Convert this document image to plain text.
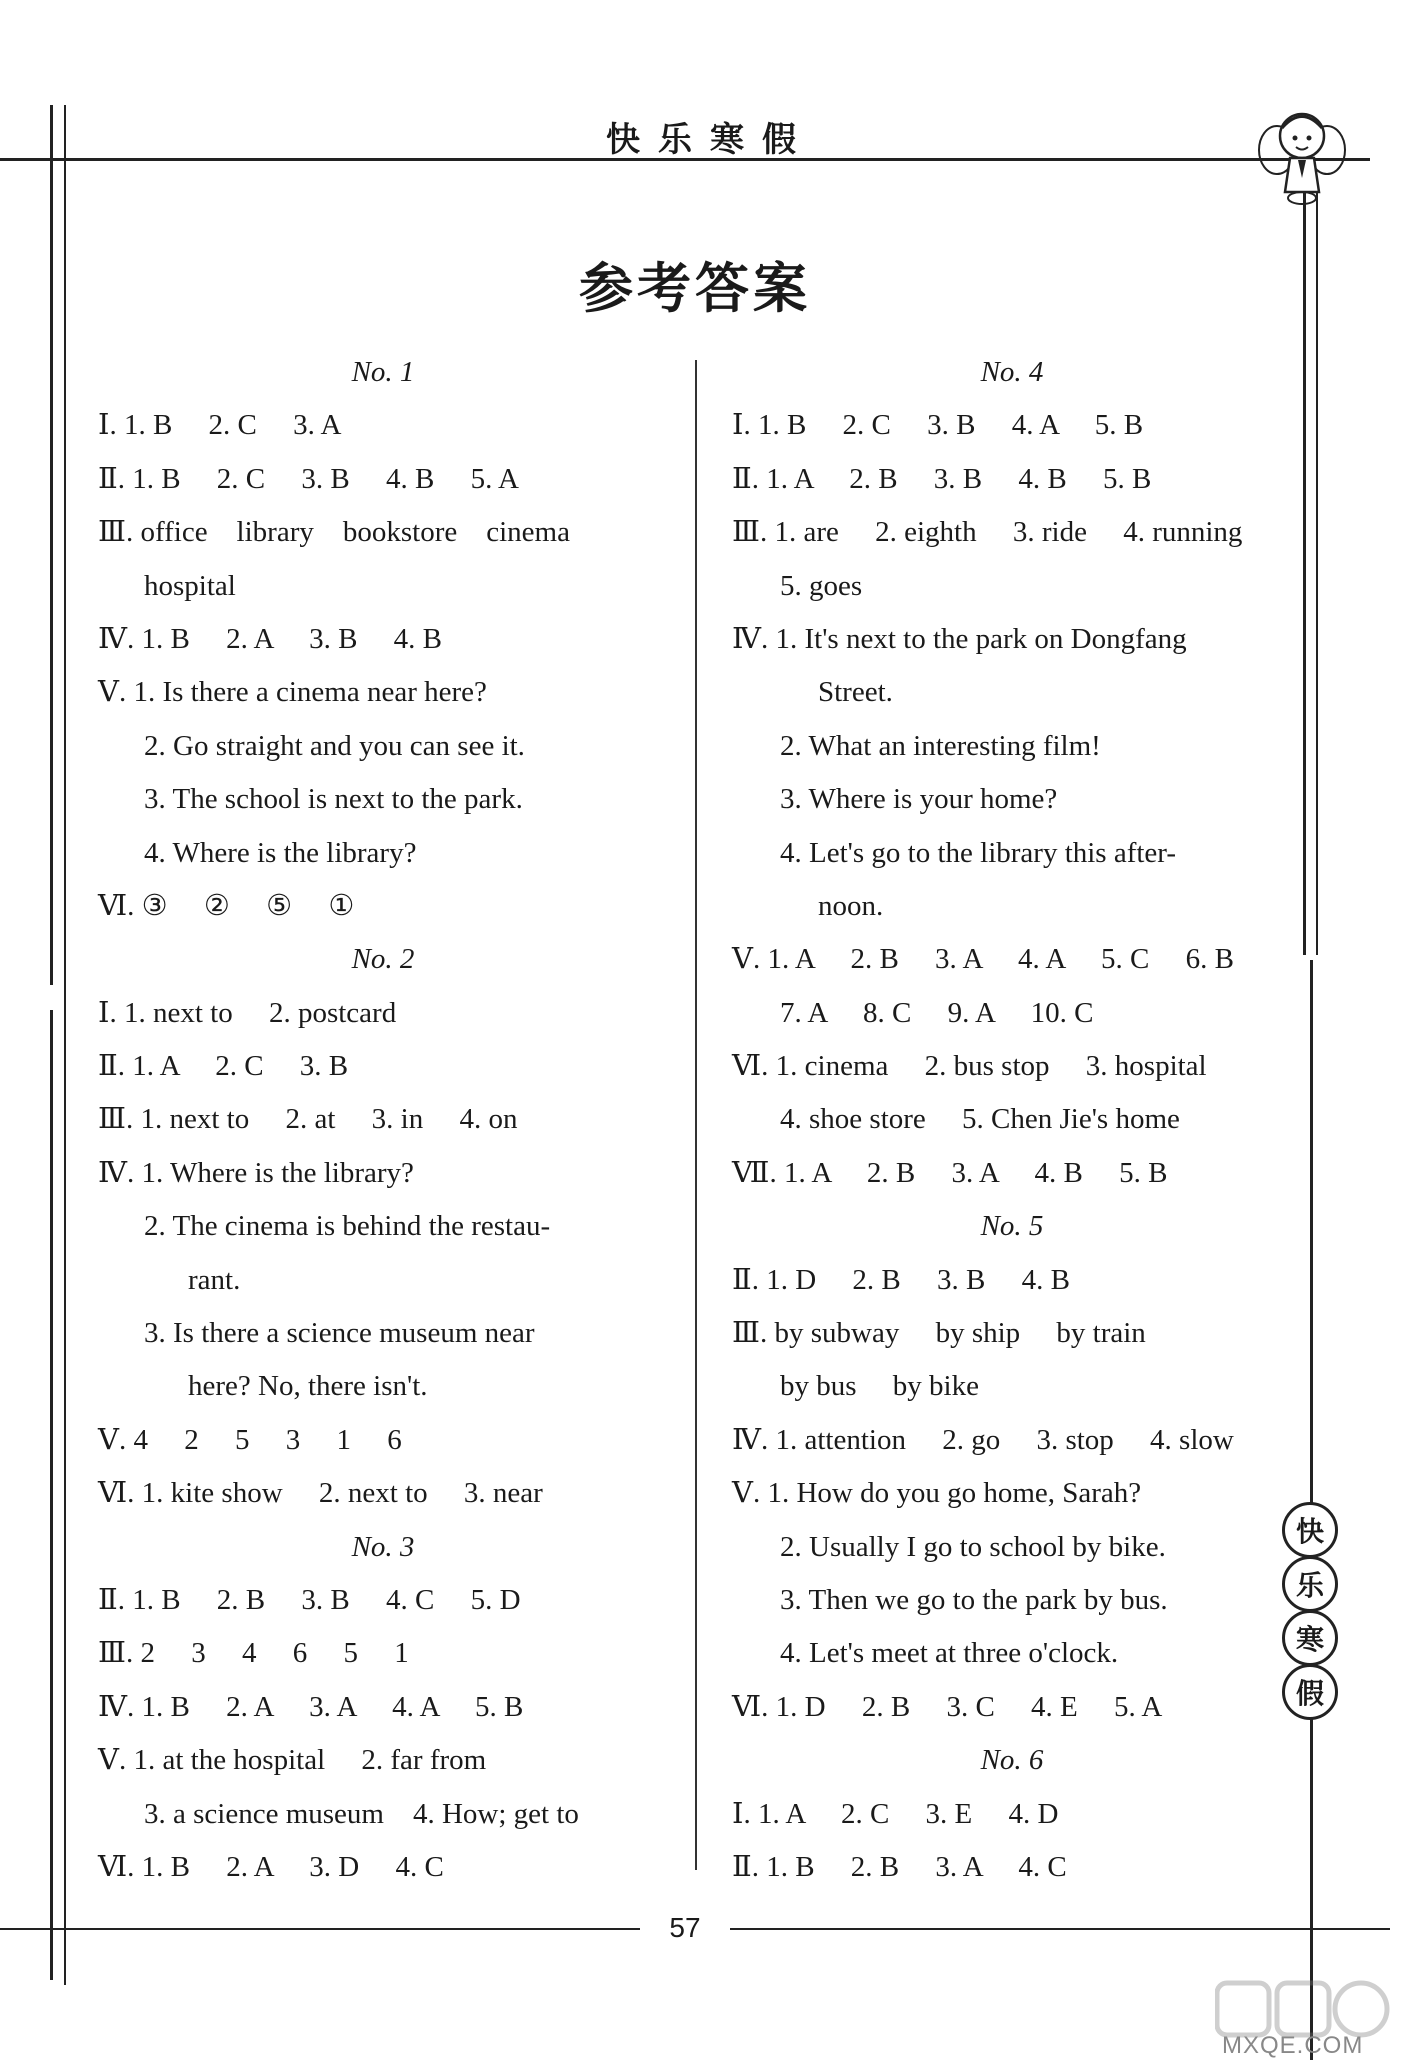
快乐寒假
参考答案
No. 1
Ⅰ. 1. B　 2. C　 3. A
Ⅱ. 1. B　 2. C　 3. B　 4. B　 5. A
Ⅲ. office　library　bookstore　cinema
hospital
Ⅳ. 1. B　 2. A　 3. B　 4. B
Ⅴ. 1. Is there a cinema near here?
2. Go straight and you can see it.
3. The school is next to the park.
4. Where is the library?
Ⅵ. ③　 ②　 ⑤　 ①
No. 2
Ⅰ. 1. next to　 2. postcard
Ⅱ. 1. A　 2. C　 3. B
Ⅲ. 1. next to　 2. at　 3. in　 4. on
Ⅳ. 1. Where is the library?
2. The cinema is behind the restau-
rant.
3. Is there a science museum near
here? No, there isn't.
Ⅴ. 4　 2　 5　 3　 1　 6
Ⅵ. 1. kite show　 2. next to　 3. near
No. 3
Ⅱ. 1. B　 2. B　 3. B　 4. C　 5. D
Ⅲ. 2　 3　 4　 6　 5　 1
Ⅳ. 1. B　 2. A　 3. A　 4. A　 5. B
Ⅴ. 1. at the hospital　 2. far from
3. a science museum　4. How; get to
Ⅵ. 1. B　 2. A　 3. D　 4. C
No. 4
Ⅰ. 1. B　 2. C　 3. B　 4. A　 5. B
Ⅱ. 1. A　 2. B　 3. B　 4. B　 5. B
Ⅲ. 1. are　 2. eighth　 3. ride　 4. running
5. goes
Ⅳ. 1. It's next to the park on Dongfang
Street.
2. What an interesting film!
3. Where is your home?
4. Let's go to the library this after-
noon.
Ⅴ. 1. A　 2. B　 3. A　 4. A　 5. C　 6. B
7. A　 8. C　 9. A　 10. C
Ⅵ. 1. cinema　 2. bus stop　 3. hospital
4. shoe store　 5. Chen Jie's home
Ⅶ. 1. A　 2. B　 3. A　 4. B　 5. B
No. 5
Ⅱ. 1. D　 2. B　 3. B　 4. B
Ⅲ. by subway　 by ship　 by train
by bus　 by bike
Ⅳ. 1. attention　 2. go　 3. stop　 4. slow
Ⅴ. 1. How do you go home, Sarah?
2. Usually I go to school by bike.
3. Then we go to the park by bus.
4. Let's meet at three o'clock.
Ⅵ. 1. D　 2. B　 3. C　 4. E　 5. A
No. 6
Ⅰ. 1. A　 2. C　 3. E　 4. D
Ⅱ. 1. B　 2. B　 3. A　 4. C
快
乐
寒
假
57
MXQE.COM
